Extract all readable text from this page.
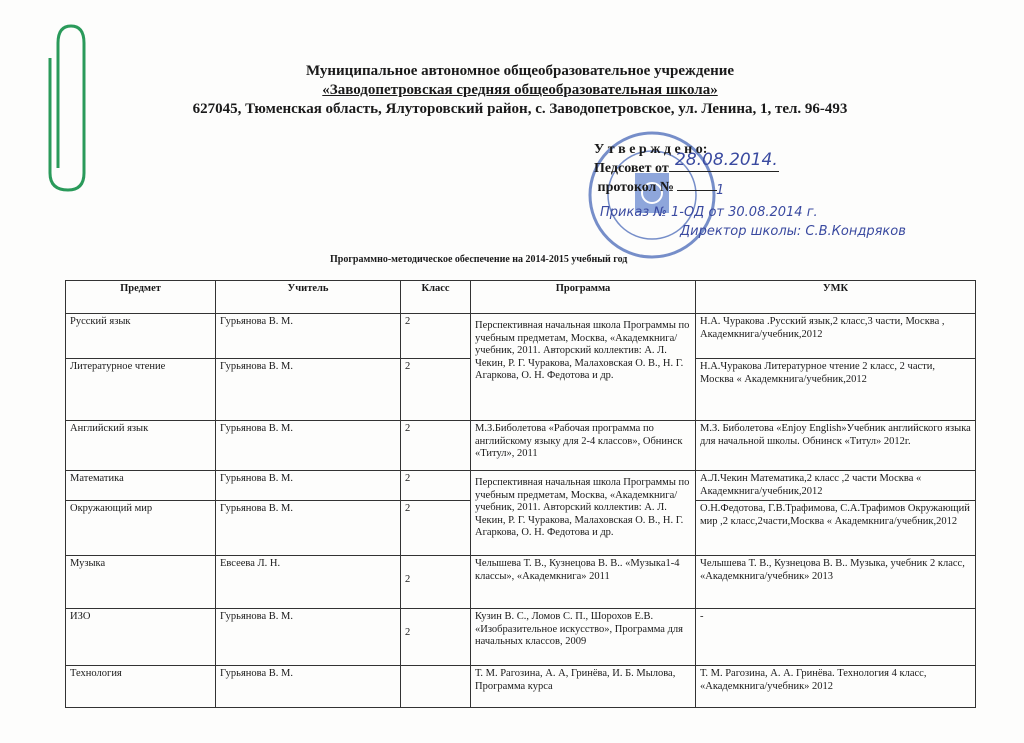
Муниципальное автономное общеобразовательное учреждение
«Заводопетровская средняя общеобразовательная школа»
627045, Тюменская область, Ялуторовский район, с. Заводопетровское, ул. Ленина, 1, тел. 96-493
У т в е р ж д е н о:
Педсовет от
протокол №
28.08.2014.
1
Приказ № 1-ОД от 30.08.2014 г.
Директор школы: С.В.Кондряков
Программно-методическое обеспечение на 2014-2015 учебный год
Предмет	Учитель	Класс	Программа	УМК
Русский язык	Гурьянова В. М.	2	Перспективная начальная школа Программы по учебным предметам, Москва, «Академкнига/учебник, 2011. Авторский коллектив: А. Л. Чекин, Р. Г. Чуракова, Малаховская О. В., Н. Г. Агаркова, О. Н. Федотова и др.	Н.А. Чуракова .Русский язык,2 класс,3 части, Москва , Академкнига/учебник,2012
Литературное чтение	Гурьянова В. М.	2		Н.А.Чуракова Литературное чтение 2 класс, 2 части, Москва « Академкнига/учебник,2012
Английский язык	Гурьянова В. М.	2	М.З.Биболетова «Рабочая программа по английскому языку для 2-4 классов», Обнинск «Титул», 2011	М.З. Биболетова «Enjoy English»Учебник английского языка для начальной школы. Обнинск «Титул» 2012г.
Математика	Гурьянова В. М.	2	Перспективная начальная школа Программы по учебным предметам, Москва, «Академкнига/учебник, 2011. Авторский коллектив: А. Л. Чекин, Р. Г. Чуракова, Малаховская О. В., Н. Г. Агаркова, О. Н. Федотова и др.	А.Л.Чекин Математика,2 класс ,2 части Москва « Академкнига/учебник,2012
Окружающий мир	Гурьянова В. М.	2		О.Н.Федотова, Г.В.Трафимова, С.А.Трафимов Окружающий мир ,2 класс,2части,Москва « Академкнига/учебник,2012
Музыка	Евсеева Л. Н.	2	Челышева Т. В., Кузнецова В. В.. «Музыка1-4 классы», «Академкнига» 2011	Челышева Т. В., Кузнецова В. В.. Музыка, учебник 2 класс, «Академкнига/учебник» 2013
ИЗО	Гурьянова В. М.	2	Кузин В. С., Ломов С. П., Шорохов Е.В. «Изобразительное искусство», Программа для начальных классов, 2009	-
Технология	Гурьянова В. М.		Т. М. Рагозина, А. А, Гринёва, И. Б. Мылова, Программа курса	Т. М. Рагозина, А. А. Гринёва. Технология 4 класс, «Академкнига/учебник» 2012
